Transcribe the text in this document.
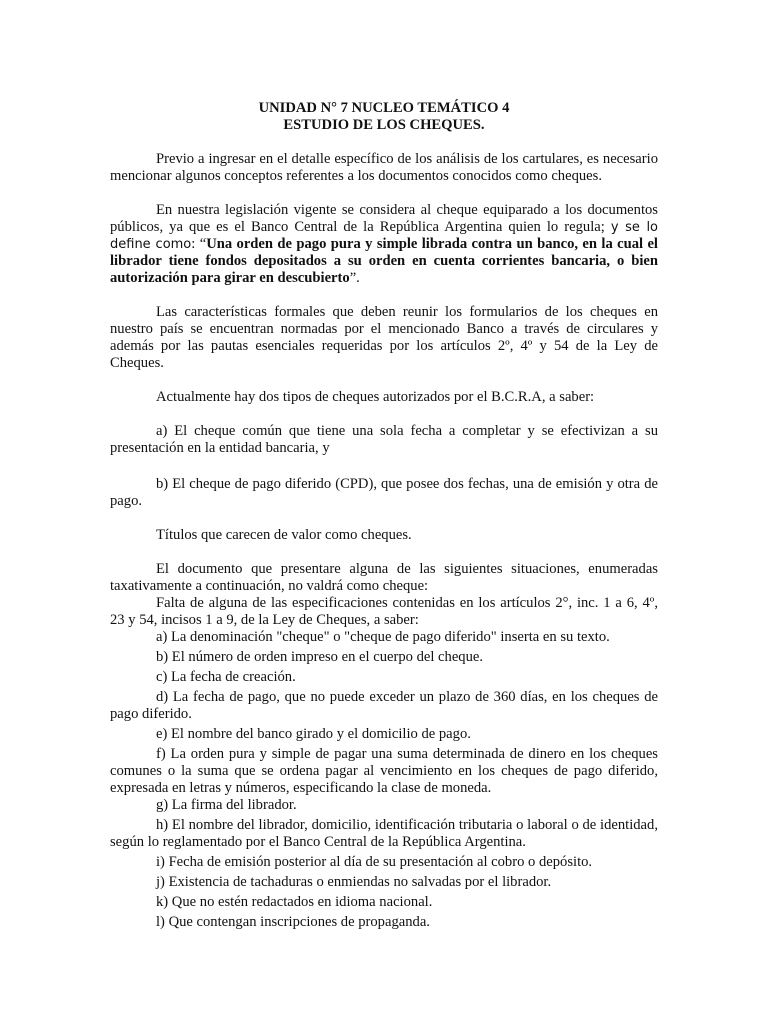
UNIDAD N° 7 NUCLEO TEMÁTICO 4

ESTUDIO DE LOS CHEQUES.

Previo a ingresar en el detalle específico de los análisis de los cartulares, es necesario mencionar algunos conceptos referentes a los documentos conocidos como cheques.

En nuestra legislación vigente se considera al cheque equiparado a los documentos públicos, ya que es el Banco Central de la República Argentina quien lo regula; y se lo define como: “Una orden de pago pura y simple librada contra un banco, en la cual el librador tiene fondos depositados a su orden en cuenta corrientes bancaria, o bien autorización para girar en descubierto”.

Las características formales que deben reunir los formularios de los cheques en nuestro país se encuentran normadas por el mencionado Banco a través de circulares y además por las pautas esenciales requeridas por los artículos 2º, 4º y 54 de la Ley de Cheques.

Actualmente hay dos tipos de cheques autorizados por el B.C.R.A, a saber:

a) El cheque común que tiene una sola fecha a completar y se efectivizan a su presentación en la entidad bancaria, y

b) El cheque de pago diferido (CPD), que posee dos fechas, una de emisión y otra de pago.

Títulos que carecen de valor como cheques.

El documento que presentare alguna de las siguientes situaciones, enumeradas taxativamente a continuación, no valdrá como cheque:

Falta de alguna de las especificaciones contenidas en los artículos 2°, inc. 1 a 6, 4º, 23 y 54, incisos 1 a 9, de la Ley de Cheques, a saber:

a) La denominación "cheque" o "cheque de pago diferido" inserta en su texto.

b) El número de orden impreso en el cuerpo del cheque.

c) La fecha de creación.

d) La fecha de pago, que no puede exceder un plazo de 360 días, en los cheques de pago diferido.

e) El nombre del banco girado y el domicilio de pago.

f) La orden pura y simple de pagar una suma determinada de dinero en los cheques comunes o la suma que se ordena pagar al vencimiento en los cheques de pago diferido, expresada en letras y números, especificando la clase de moneda.

g) La firma del librador.

h) El nombre del librador, domicilio, identificación tributaria o laboral o de identidad, según lo reglamentado por el Banco Central de la República Argentina.

i) Fecha de emisión posterior al día de su presentación al cobro o depósito.

j) Existencia de tachaduras o enmiendas no salvadas por el librador.

k) Que no estén redactados en idioma nacional.

l) Que contengan inscripciones de propaganda.
